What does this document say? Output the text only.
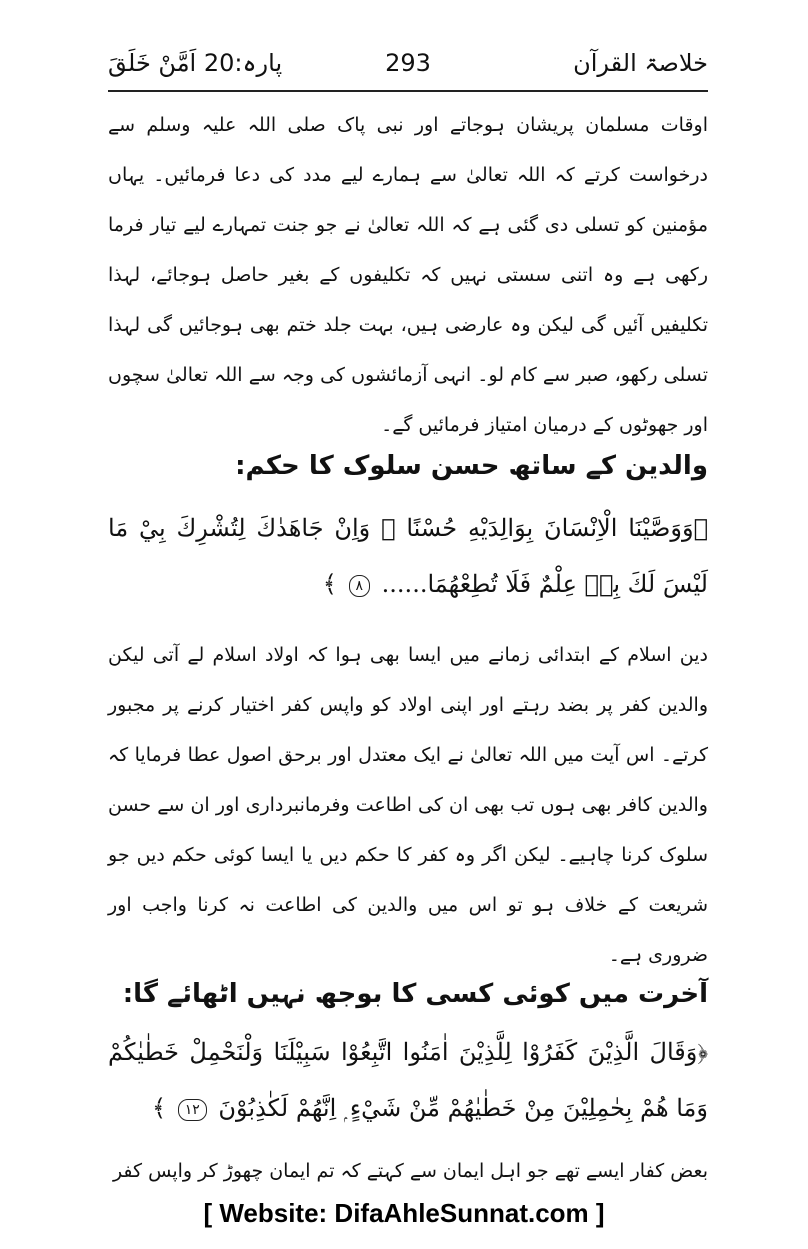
خلاصۃ القرآن
293
پارہ:20 اَمَّنْ خَلَقَ
اوقات مسلمان پریشان ہوجاتے اور نبی پاک صلی اللہ علیہ وسلم سے درخواست کرتے کہ اللہ تعالیٰ سے ہمارے لیے مدد کی دعا فرمائیں۔ یہاں مؤمنین کو تسلی دی گئی ہے کہ اللہ تعالیٰ نے جو جنت تمہارے لیے تیار فرما رکھی ہے وہ اتنی سستی نہیں کہ تکلیفوں کے بغیر حاصل ہوجائے، لہذا تکلیفیں آئیں گی لیکن وہ عارضی ہیں، بہت جلد ختم بھی ہوجائیں گی لہذا تسلی رکھو، صبر سے کام لو۔ انہی آزمائشوں کی وجہ سے اللہ تعالیٰ سچوں اور جھوٹوں کے درمیان امتیاز فرمائیں گے۔
والدین کے ساتھ حسن سلوک کا حکم:
﴿وَوَصَّيْنَا الْاِنْسَانَ بِوَالِدَيْهِ حُسْنًا ۚ وَاِنْ جَاهَدٰكَ لِتُشْرِكَ بِيْ مَا لَيْسَ لَكَ بِهٖ عِلْمٌ فَلَا تُطِعْهُمَا...... ٨ ﴾
دین اسلام کے ابتدائی زمانے میں ایسا بھی ہوا کہ اولاد اسلام لے آتی لیکن والدین کفر پر بضد رہتے اور اپنی اولاد کو واپس کفر اختیار کرنے پر مجبور کرتے۔ اس آیت میں اللہ تعالیٰ نے ایک معتدل اور برحق اصول عطا فرمایا کہ والدین کافر بھی ہوں تب بھی ان کی اطاعت وفرمانبرداری اور ان سے حسن سلوک کرنا چاہیے۔ لیکن اگر وہ کفر کا حکم دیں یا ایسا کوئی حکم دیں جو شریعت کے خلاف ہو تو اس میں والدین کی اطاعت نہ کرنا واجب اور ضروری ہے۔
آخرت میں کوئی کسی کا بوجھ نہیں اٹھائے گا:
﴿وَقَالَ الَّذِيْنَ كَفَرُوْا لِلَّذِيْنَ اٰمَنُوا اتَّبِعُوْا سَبِيْلَنَا وَلْنَحْمِلْ خَطٰيٰكُمْ وَمَا هُمْ بِحٰمِلِيْنَ مِنْ خَطٰيٰهُمْ مِّنْ شَيْءٍ ۭ اِنَّهُمْ لَكٰذِبُوْنَ ١٢ ﴾
بعض کفار ایسے تھے جو اہل ایمان سے کہتے کہ تم ایمان چھوڑ کر واپس کفر
[ Website: DifaAhleSunnat.com ]
